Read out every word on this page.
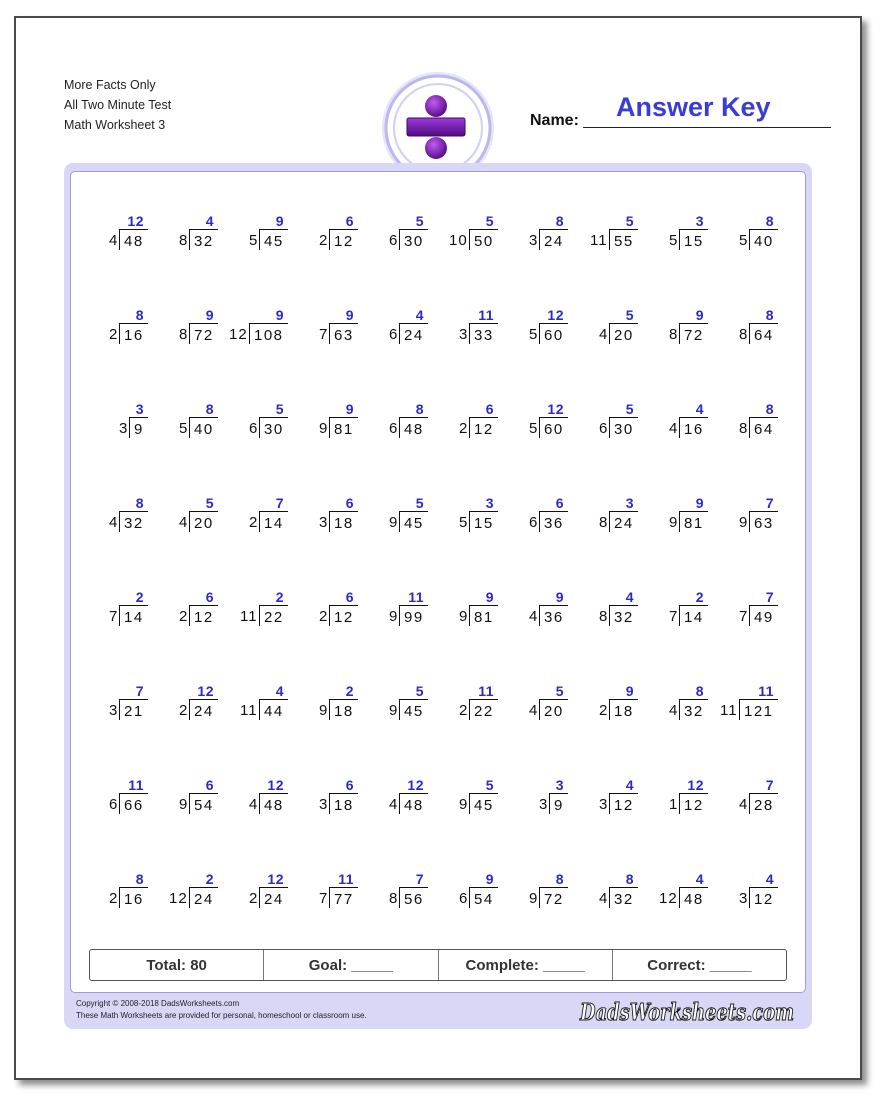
More Facts Only
All Two Minute Test
Math Worksheet 3	Name: Answer Key
12
4 48
4
8 32
9
5 45
6
2 12
5
6 30
5
10 50
8
3 24
5
11 55
3
5 15
8
5 40
8
2 16
9
8 72
9
12 108
9
7 63
4
6 24
11
3 33
12
5 60
5
4 20
9
8 72
8
8 64
3
3 9
8
5 40
5
6 30
9
9 81
8
6 48
6
2 12
12
5 60
5
6 30
4
4 16
8
8 64
8
4 32
5
4 20
7
2 14
6
3 18
5
9 45
3
5 15
6
6 36
3
8 24
9
9 81
7
9 63
2
7 14
6
2 12
2
11 22
6
2 12
11
9 99
9
9 81
9
4 36
4
8 32
2
7 14
7
7 49
7
3 21
12
2 24
4
11 44
2
9 18
5
9 45
11
2 22
5
4 20
9
2 18
8
4 32
11
11 121
11
6 66
6
9 54
12
4 48
6
3 18
12
4 48
5
9 45
3
3 9
4
3 12
12
1 12
7
4 28
8
2 16
2
12 24
12
2 24
11
7 77
7
8 56
9
6 54
8
9 72
8
4 32
4
12 48
4
3 12
Total: 80	Goal: _____	Complete: _____	Correct: _____
Copyright © 2008-2018 DadsWorksheets.com
These Math Worksheets are provided for personal, homeschool or classroom use.	DadsWorksheets.com
